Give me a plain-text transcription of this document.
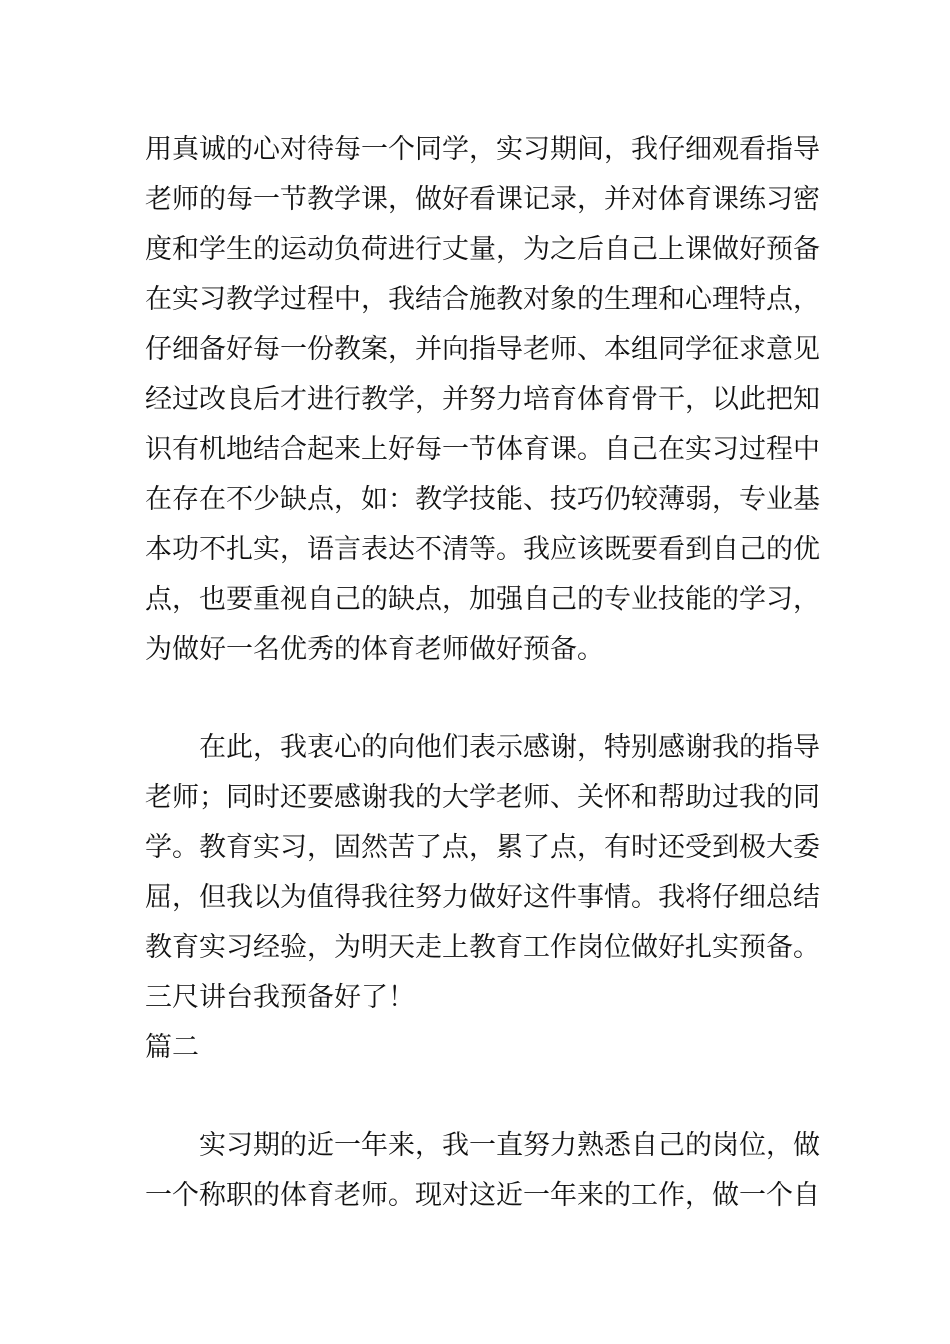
用真诚的心对待每一个同学，实习期间，我仔细观看指导
老师的每一节教学课，做好看课记录，并对体育课练习密
度和学生的运动负荷进行丈量，为之后自己上课做好预备
在实习教学过程中，我结合施教对象的生理和心理特点，
仔细备好每一份教案，并向指导老师、本组同学征求意见
经过改良后才进行教学，并努力培育体育骨干，以此把知
识有机地结合起来上好每一节体育课。自己在实习过程中
在存在不少缺点，如：教学技能、技巧仍较薄弱，专业基
本功不扎实，语言表达不清等。我应该既要看到自己的优
点，也要重视自己的缺点，加强自己的专业技能的学习，
为做好一名优秀的体育老师做好预备。
在此，我衷心的向他们表示感谢，特别感谢我的指导
老师；同时还要感谢我的大学老师、关怀和帮助过我的同
学。教育实习，固然苦了点，累了点，有时还受到极大委
屈，但我以为值得我往努力做好这件事情。我将仔细总结
教育实习经验，为明天走上教育工作岗位做好扎实预备。
三尺讲台我预备好了！
篇二
实习期的近一年来，我一直努力熟悉自己的岗位，做
一个称职的体育老师。现对这近一年来的工作，做一个自
